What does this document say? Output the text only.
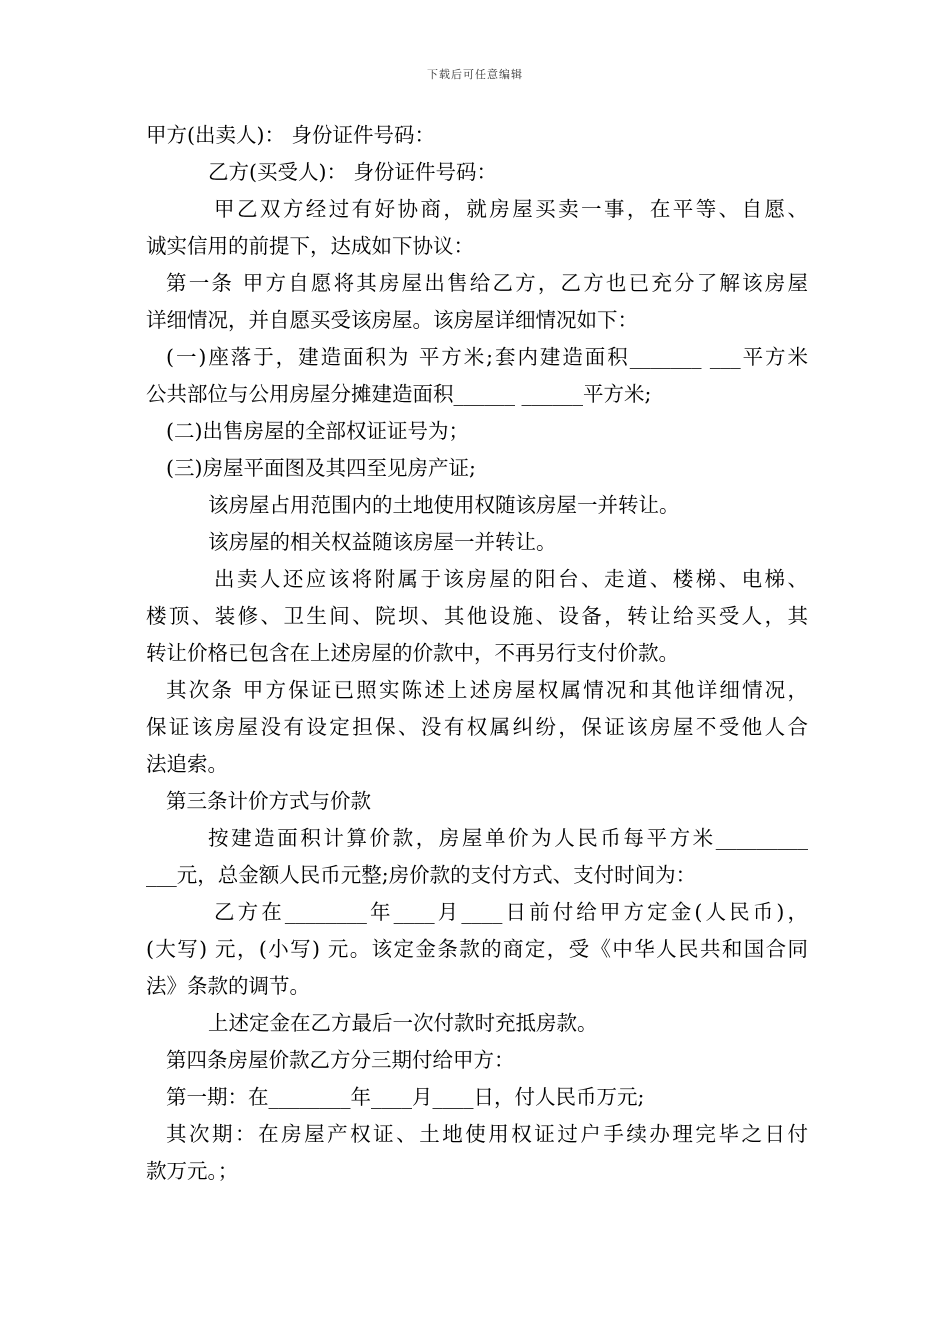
下载后可任意编辑
甲方(出卖人)： 身份证件号码：
乙方(买受人)： 身份证件号码：
甲乙双方经过有好协商，就房屋买卖一事，在平等、自愿、
诚实信用的前提下，达成如下协议：
第一条 甲方自愿将其房屋出售给乙方，乙方也已充分了解该房屋
详细情况，并自愿买受该房屋。该房屋详细情况如下：
(一)座落于，建造面积为 平方米;套内建造面积_______ ___平方米
公共部位与公用房屋分摊建造面积______ ______平方米;
(二)出售房屋的全部权证证号为；
(三)房屋平面图及其四至见房产证;
该房屋占用范围内的土地使用权随该房屋一并转让。
该房屋的相关权益随该房屋一并转让。
出卖人还应该将附属于该房屋的阳台、走道、楼梯、电梯、
楼顶、装修、卫生间、院坝、其他设施、设备，转让给买受人，其
转让价格已包含在上述房屋的价款中，不再另行支付价款。
其次条 甲方保证已照实陈述上述房屋权属情况和其他详细情况，
保证该房屋没有设定担保、没有权属纠纷，保证该房屋不受他人合
法追索。
第三条计价方式与价款
按建造面积计算价款，房屋单价为人民币每平方米_________
___元，总金额人民币元整;房价款的支付方式、支付时间为：
乙方在________年____月____日前付给甲方定金(人民币)，
(大写) 元，(小写) 元。该定金条款的商定，受《中华人民共和国合同
法》条款的调节。
上述定金在乙方最后一次付款时充抵房款。
第四条房屋价款乙方分三期付给甲方：
第一期：在________年____月____日，付人民币万元;
其次期：在房屋产权证、土地使用权证过户手续办理完毕之日付
款万元。；
